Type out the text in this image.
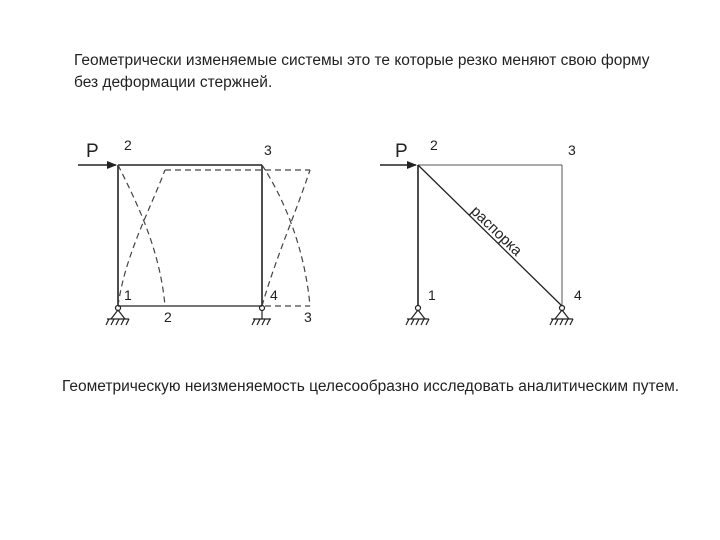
Геометрически изменяемые системы это те которые резко меняют свою форму без деформации стержней.

P 2	3
1	4
2	3
P 2	3
1	4
распорка

Геометрическую неизменяемость целесообразно исследовать аналитическим путем.
